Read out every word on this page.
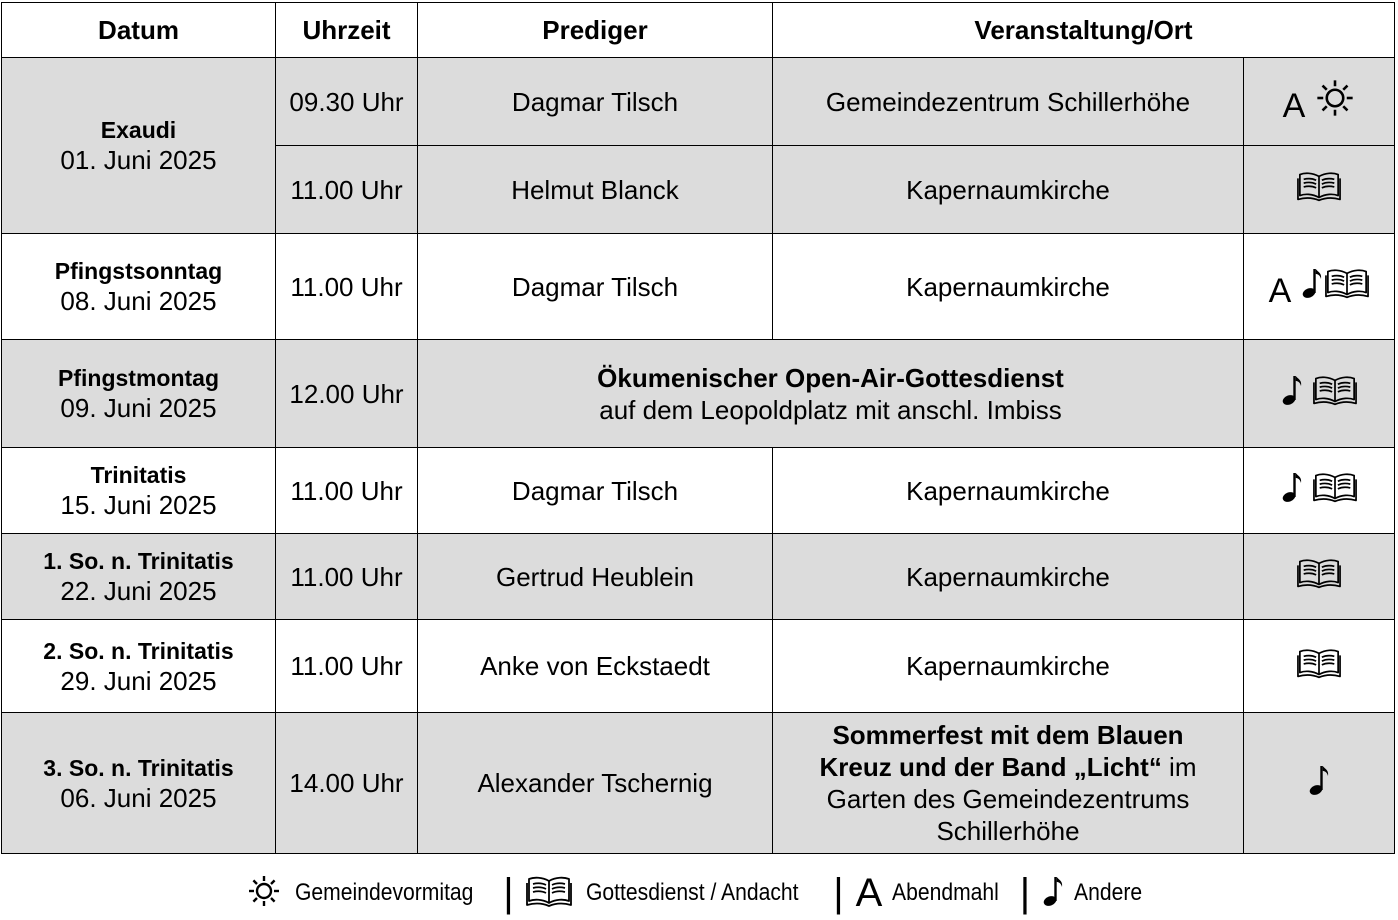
Datum	Uhrzeit	Prediger	Veranstaltung/Ort	

Exaudi
01. Juni 2025	09.30 Uhr	Dagmar Tilsch	Gemeindezentrum Schillerhöhe	A
	11.00 Uhr	Helmut Blanck	Kapernaumkirche	

Pfingstsonntag
08. Juni 2025	11.00 Uhr	Dagmar Tilsch	Kapernaumkirche	A

Pfingstmontag
09. Juni 2025	12.00 Uhr	Ökumenischer Open-Air-Gottesdienst
auf dem Leopoldplatz mit anschl. Imbiss

Trinitatis
15. Juni 2025	11.00 Uhr	Dagmar Tilsch	Kapernaumkirche	

1. So. n. Trinitatis
22. Juni 2025	11.00 Uhr	Gertrud Heublein	Kapernaumkirche	

2. So. n. Trinitatis
29. Juni 2025	11.00 Uhr	Anke von Eckstaedt	Kapernaumkirche	

3. So. n. Trinitatis
06. Juni 2025	14.00 Uhr	Alexander Tschernig	Sommerfest mit dem Blauen Kreuz und der Band „Licht“ im Garten des Gemeindezentrums Schillerhöhe	
Gemeindevormitag |	Gottesdienst / Andacht | A Abendmahl | Andere
